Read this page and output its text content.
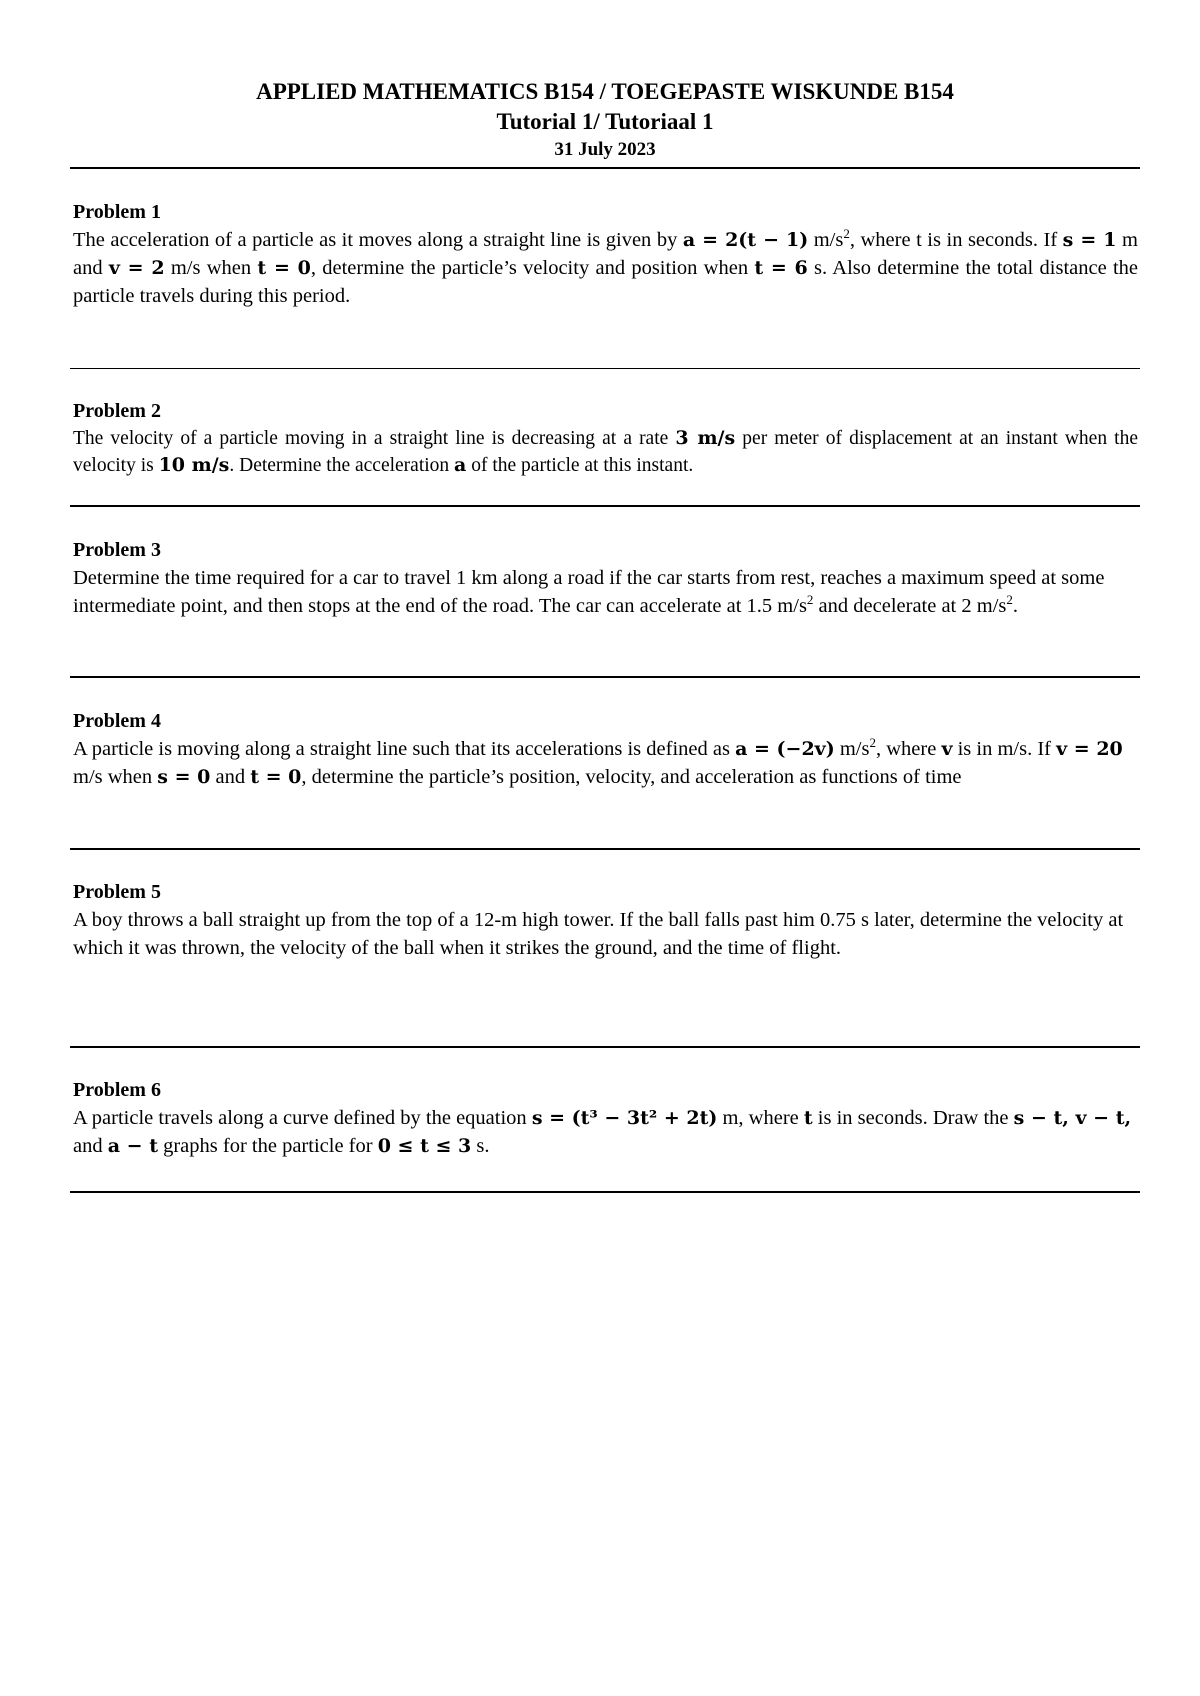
APPLIED MATHEMATICS B154 / TOEGEPASTE WISKUNDE B154
Tutorial 1/ Tutoriaal 1
31 July 2023
Problem 1
The acceleration of a particle as it moves along a straight line is given by a = 2(t − 1) $m/s^2$, where t is in seconds. If s = 1 m and v = 2 m/s when t = 0, determine the particle’s velocity and position when t = 6 s. Also determine the total distance the particle travels during this period.
Problem 2
The velocity of a particle moving in a straight line is decreasing at a rate 3 m/s per meter of displacement at an instant when the velocity is 10 m/s. Determine the acceleration a of the particle at this instant.
Problem 3
Determine the time required for a car to travel 1 km along a road if the car starts from rest, reaches a maximum speed at some intermediate point, and then stops at the end of the road. The car can accelerate at 1.5 $m/s^2$ and decelerate at 2 $m/s^2$.
Problem 4
A particle is moving along a straight line such that its accelerations is defined as a = (−2v) $m/s^2$, where v is in m/s. If v = 20 m/s when s = 0 and t = 0, determine the particle’s position, velocity, and acceleration as functions of time
Problem 5
A boy throws a ball straight up from the top of a 12-m high tower. If the ball falls past him 0.75 s later, determine the velocity at which it was thrown, the velocity of the ball when it strikes the ground, and the time of flight.
Problem 6
A particle travels along a curve defined by the equation s = (t³ − 3t² + 2t) m, where t is in seconds. Draw the s − t, v − t, and a − t graphs for the particle for 0 ≤ t ≤ 3 s.
